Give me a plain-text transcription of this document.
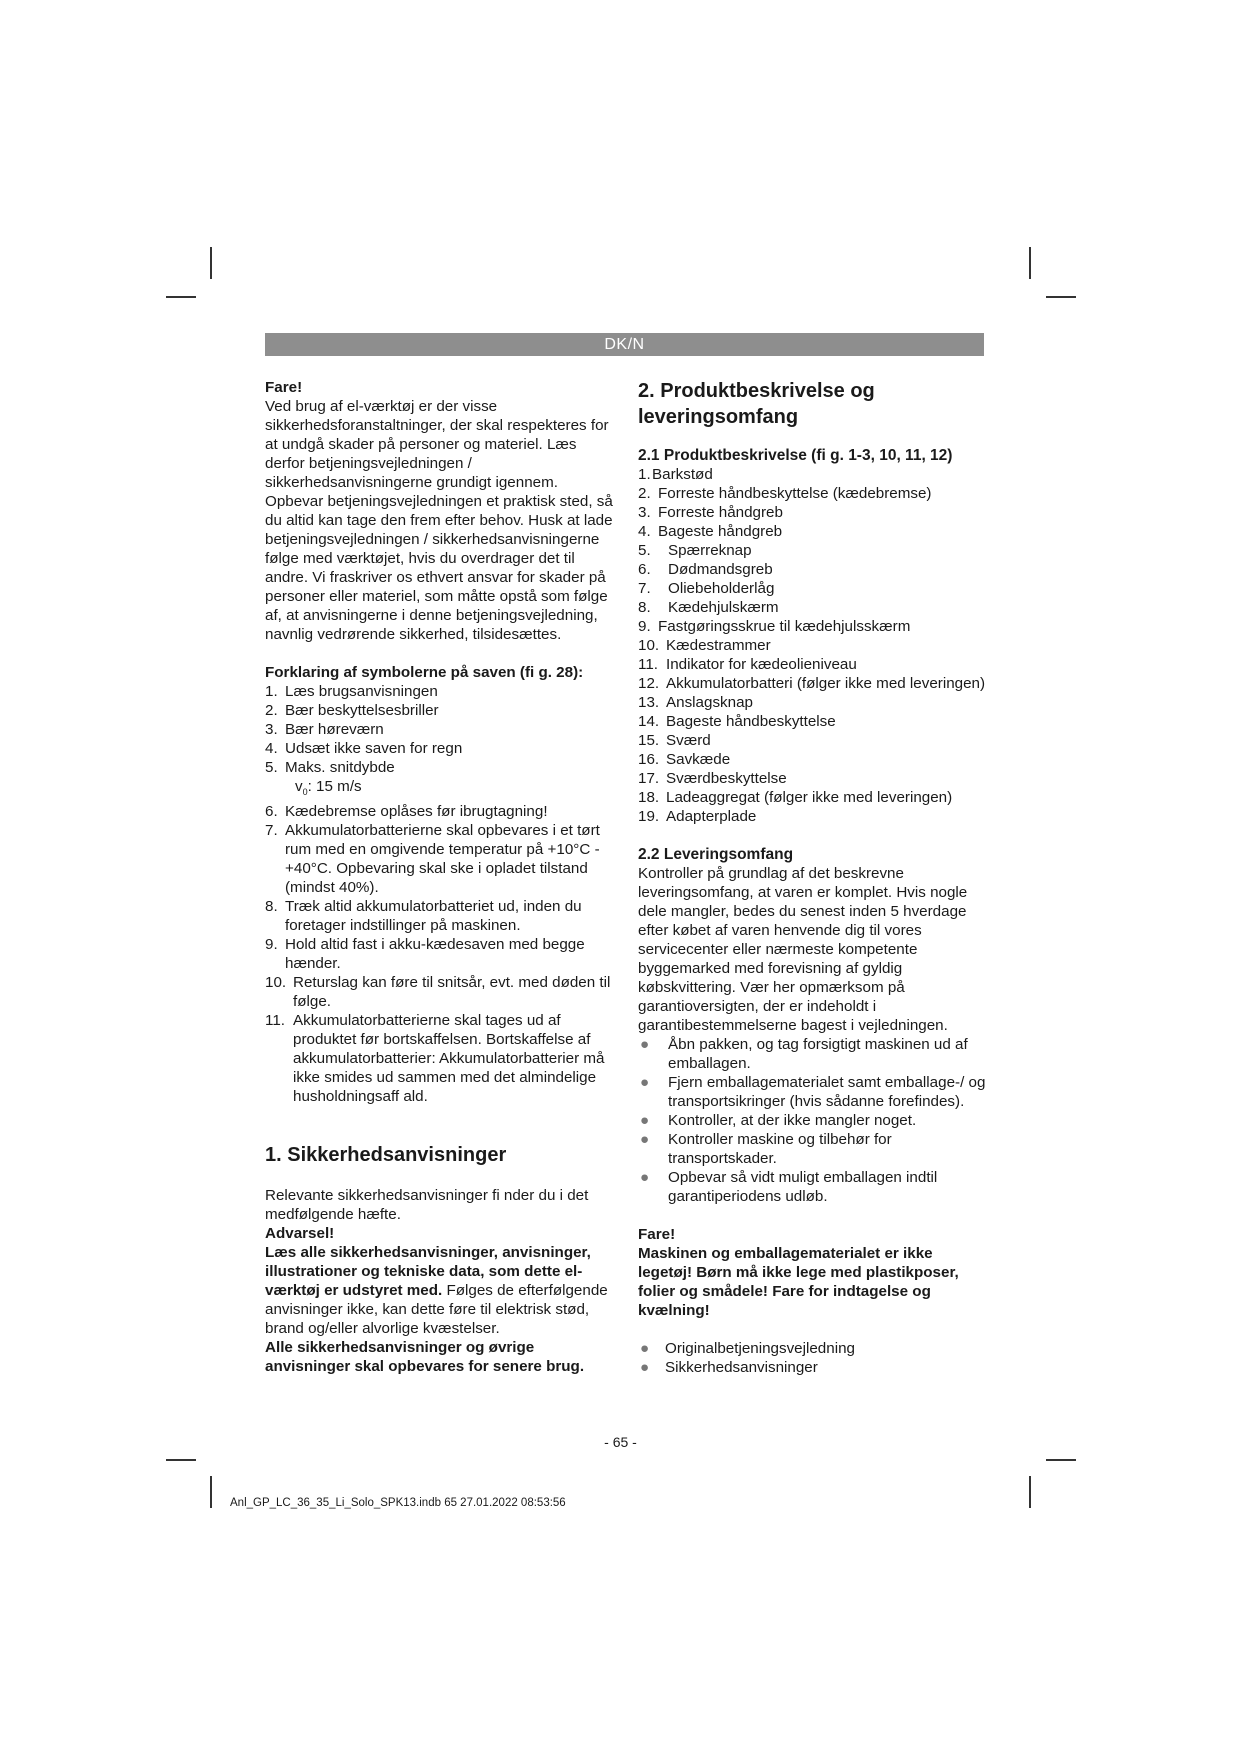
DK/N

Fare!

Ved brug af el-værktøj er der visse sikkerhedsforanstaltninger, der skal respekteres for at undgå skader på personer og materiel. Læs derfor betjeningsvejledningen / sikkerhedsanvisningerne grundigt igennem. Opbevar betjeningsvejledningen et praktisk sted, så du altid kan tage den frem efter behov. Husk at lade betjeningsvejledningen / sikkerhedsanvisningerne følge med værktøjet, hvis du overdrager det til andre. Vi fraskriver os ethvert ansvar for skader på personer eller materiel, som måtte opstå som følge af, at anvisningerne i denne betjeningsvejledning, navnlig vedrørende sikkerhed, tilsidesættes.

Forklaring af symbolerne på saven (fi g. 28):

1. Læs brugsanvisningen
2. Bær beskyttelsesbriller
3. Bær høreværn
4. Udsæt ikke saven for regn
5. Maks. snitdybde

$v_0$: 15 m/s

6. Kædebremse oplåses før ibrugtagning!
7. Akkumulatorbatterierne skal opbevares i et tørt rum med en omgivende temperatur på +10°C - +40°C. Opbevaring skal ske i opladet tilstand (mindst 40%).
8. Træk altid akkumulatorbatteriet ud, inden du foretager indstillinger på maskinen.
9. Hold altid fast i akku-kædesaven med begge hænder.
10. Returslag kan føre til snitsår, evt. med døden til følge.
11. Akkumulatorbatterierne skal tages ud af produktet før bortskaffelsen. Bortskaffelse af akkumulatorbatterier: Akkumulatorbatterier må ikke smides ud sammen med det almindelige husholdningsaff ald.

1. Sikkerhedsanvisninger

Relevante sikkerhedsanvisninger fi nder du i det medfølgende hæfte.

Advarsel!

Læs alle sikkerhedsanvisninger, anvisninger, illustrationer og tekniske data, som dette el-værktøj er udstyret med. Følges de efterfølgende anvisninger ikke, kan dette føre til elektrisk stød, brand og/eller alvorlige kvæstelser.

Alle sikkerhedsanvisninger og øvrige anvisninger skal opbevares for senere brug.

2. Produktbeskrivelse og leveringsomfang

2.1 Produktbeskrivelse (fi g. 1-3, 10, 11, 12)

1. Barkstød
2. Forreste håndbeskyttelse (kædebremse)
3. Forreste håndgreb
4. Bageste håndgreb
5. Spærreknap
6. Dødmandsgreb
7. Oliebeholderlåg
8. Kædehjulskærm
9. Fastgøringsskrue til kædehjulsskærm
10. Kædestrammer
11. Indikator for kædeolieniveau
12. Akkumulatorbatteri (følger ikke med leveringen)
13. Anslagsknap
14. Bageste håndbeskyttelse
15. Sværd
16. Savkæde
17. Sværdbeskyttelse
18. Ladeaggregat (følger ikke med leveringen)
19. Adapterplade

2.2 Leveringsomfang

Kontroller på grundlag af det beskrevne leveringsomfang, at varen er komplet. Hvis nogle dele mangler, bedes du senest inden 5 hverdage efter købet af varen henvende dig til vores servicecenter eller nærmeste kompetente byggemarked med forevisning af gyldig købskvittering. Vær her opmærksom på garantioversigten, der er indeholdt i garantibestemmelserne bagest i vejledningen.

● Åbn pakken, og tag forsigtigt maskinen ud af emballagen.
● Fjern emballagematerialet samt emballage-/ og transportsikringer (hvis sådanne forefindes).
● Kontroller, at der ikke mangler noget.
● Kontroller maskine og tilbehør for transportskader.
● Opbevar så vidt muligt emballagen indtil garantiperiodens udløb.

Fare!

Maskinen og emballagematerialet er ikke legetøj! Børn må ikke lege med plastikposer, folier og smådele! Fare for indtagelse og kvælning!

● Originalbetjeningsvejledning
● Sikkerhedsanvisninger
- 65 -
Anl_GP_LC_36_35_Li_Solo_SPK13.indb 65 27.01.2022 08:53:56
